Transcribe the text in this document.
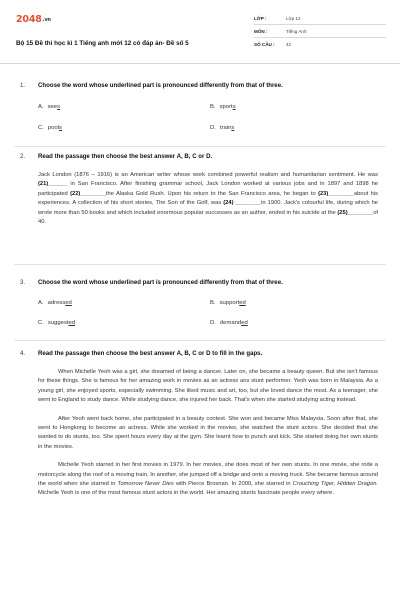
2048.vn
Bộ 15 Đề thi học kì 1 Tiếng anh mới 12 có đáp án- Đề số 5
LỚP :	Lớp 12
MÔN :	Tiếng Anh
SỐ CÂU :	42
1.	Choose the word whose underlined part is pronounced differently from that of three.
A. sees	B. sports
C. pools	D. trains
2.	Read the passage then choose the best answer A, B, C or D.

Jack London (1876 – 1916) is an American writer whose work combined powerful realism and humanitarian sentiment. He was (21)______ in San Francisco. After finishing grammar school, Jack London worked at various jobs and in 1897 and 1898 he participated (22)________the Alaska Gold Rush. Upon his return to the San Francisco area, he began to (23)________about his experiences. A collection of his short stories, The Son of the Golf, was (24) ________in 1900. Jack's colourful life, during which he wrote more than 50 books and which included enormous popular successes as an author, ended in his suicide at the (25)________of 40.

3.	Choose the word whose underlined part is pronounced differently from that of three.
A. adressed	B. supported
C. suggested	D. demanded
4.	Read the passage then choose the best answer A, B, C or D to fill in the gaps.

When Michelle Yeoh was a girl, she dreamed of being a dancer. Later on, she became a beauty queen. But she isn't famous for these things. She is famous for her amazing work in movies as an actress ans stunt performer. Yeoh was born in Malaysia. As a young girl, she enjoyed sports, especially swimming. She liked music and art, too, but she loved dance the most. As a teenager, she went to England to study dance. While studying dance, she injured her back. That's when she started studying acting instead.

After Yeoh went back home, she participated in a beauty contest. She won and became Miss Malaysia. Soon after that, she went to Hongkong to become an actress. While she worked in the movies, she watched the stunt actors. She decided that she wanted to do stunts, too. She spent hours every day at the gym. She learnt how to punch and kick. She started doing her own stunts in the movies.

Michelle Yeoh starred in her first movies in 1979. In her movies, she does most of her own stunts. In one movie, she rode a motorcycle along the roof of a moving train. In another, she jumped off a bridge and onto a moving truck. She became famous around the world when she starred in Tomorrow Never Dies with Pierce Brosnan. In 2000, she starred in Crouching Tiger, Hidden Dragon. Michelle Yeoh is one of the most famous stunt actors in the world. Her amazing stunts fascinate people every where.
